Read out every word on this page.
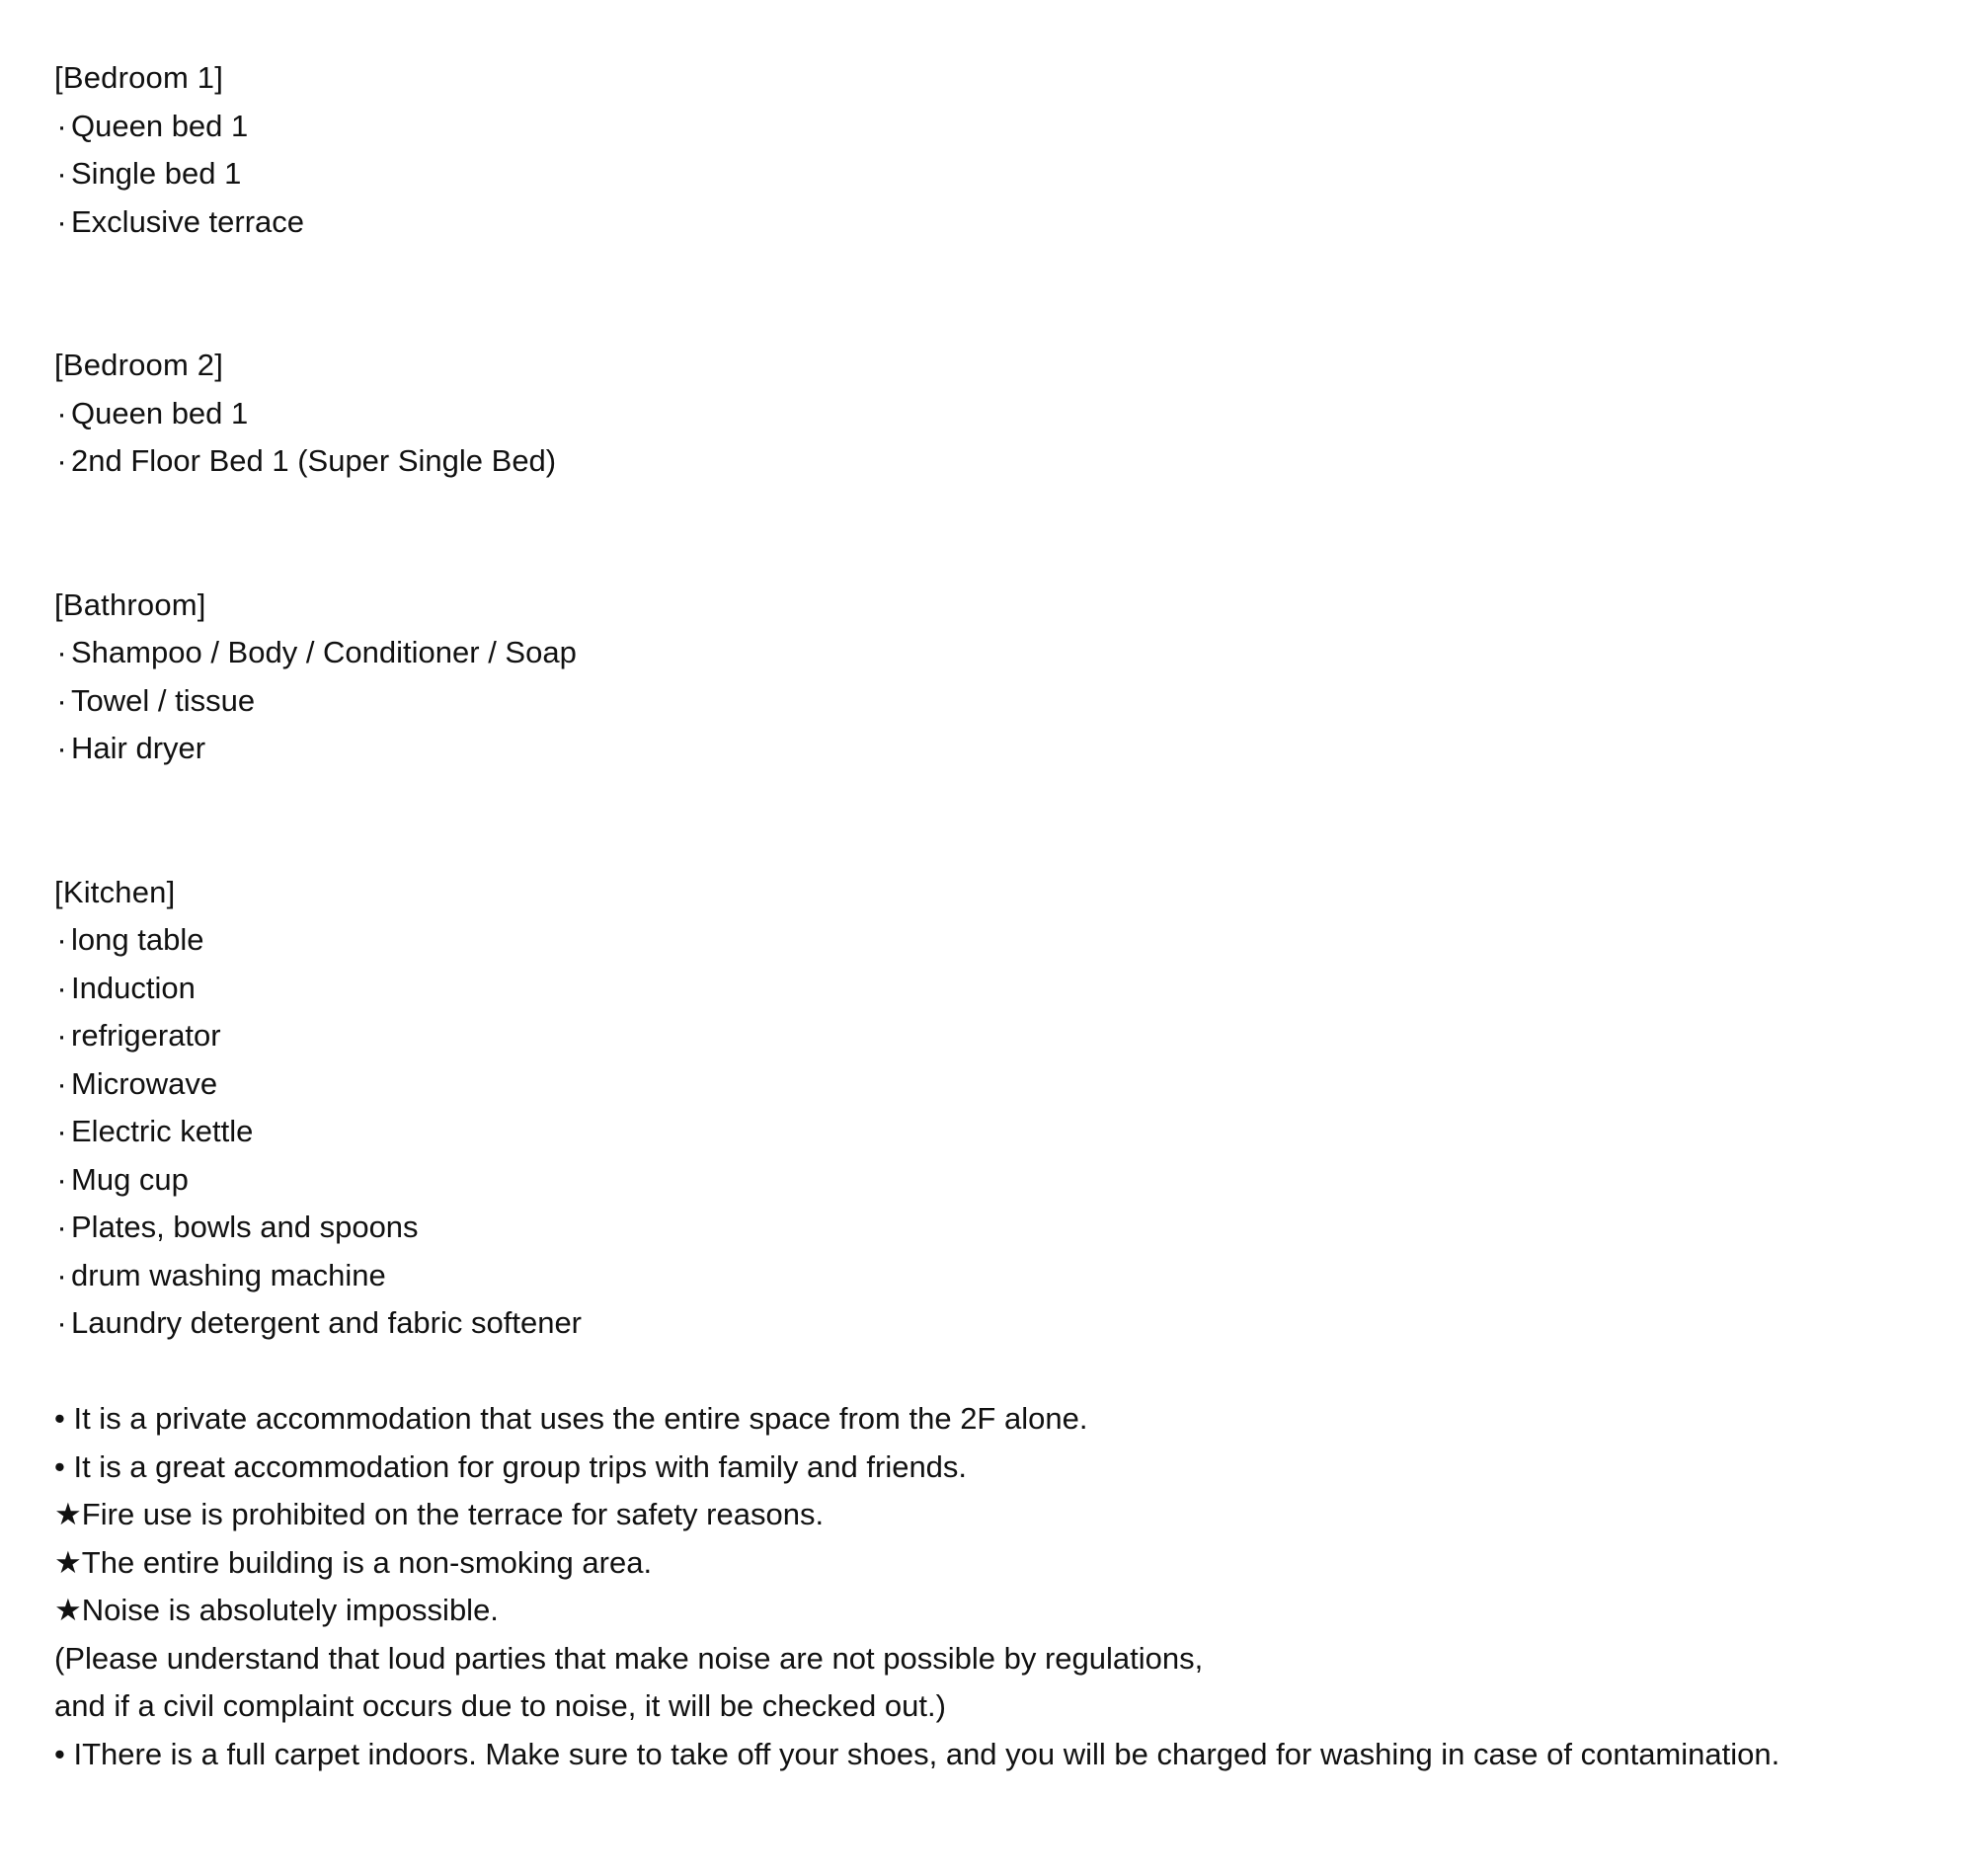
[Bedroom 1]
· Queen bed 1
· Single bed 1
· Exclusive terrace
[Bedroom 2]
· Queen bed 1
· 2nd Floor Bed 1 (Super Single Bed)
[Bathroom]
· Shampoo / Body / Conditioner / Soap
· Towel / tissue
· Hair dryer
[Kitchen]
· long table
· Induction
· refrigerator
· Microwave
· Electric kettle
· Mug cup
· Plates, bowls and spoons
· drum washing machine
· Laundry detergent and fabric softener
• It is a private accommodation that uses the entire space from the 2F alone.
• It is a great accommodation for group trips with family and friends.
★Fire use is prohibited on the terrace for safety reasons.
★The entire building is a non-smoking area.
★Noise is absolutely impossible.
(Please understand that loud parties that make noise are not possible by regulations,
and if a civil complaint occurs due to noise, it will be checked out.)
• IThere is a full carpet indoors. Make sure to take off your shoes, and you will be charged for washing in case of contamination.
